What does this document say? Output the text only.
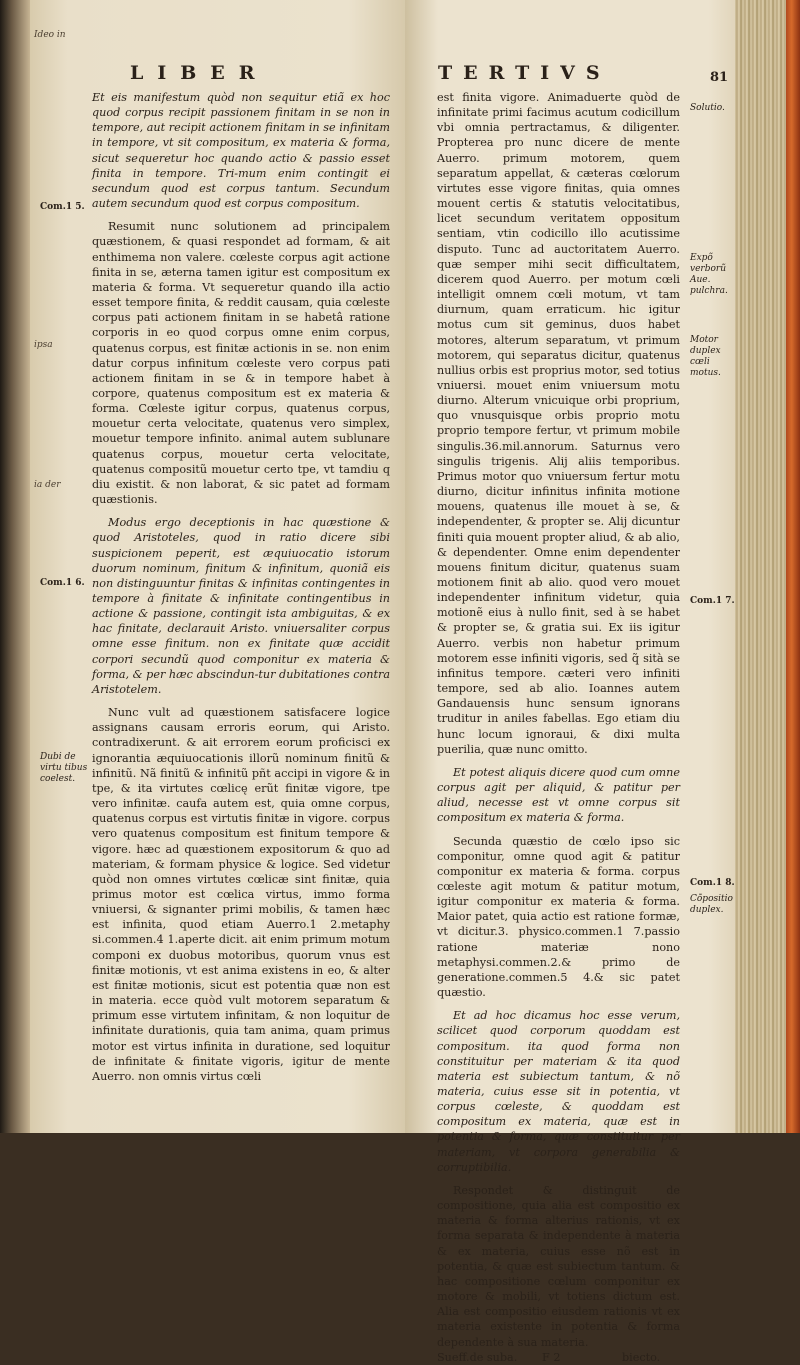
Ideo in
ipsa
ia der
LIBER	TERTIVS	81

Et eis manifestum quòd non sequitur etiã ex hoc quod corpus recipit passionem finitam in se non in tempore, aut recipit actionem finitam in se infinitam in tempore, vt sit compositum, ex materia & forma, sicut sequeretur hoc quando actio & passio esset finita in tempore. Tri-mum enim contingit ei secundum quod est corpus tantum. Secundum autem secundum quod est corpus compositum.

Resumit nunc solutionem ad principalem quæstionem, & quasi respondet ad formam, & ait enthimema non valere. cœleste corpus agit actione finita in se, æterna tamen igitur est compositum ex materia & forma. Vt sequeretur quando illa actio esset tempore finita, & reddit causam, quia cœleste corpus pati actionem finitam in se habetâ ratione corporis in eo quod corpus omne enim corpus, quatenus corpus, est finitæ actionis in se. non enim datur corpus infinitum cœleste vero corpus pati actionem finitam in se & in tempore habet à corpore, quatenus compositum est ex materia & forma. Cœleste igitur corpus, quatenus corpus, mouetur certa velocitate, quatenus vero simplex, mouetur tempore infinito. animal autem sublunare quatenus corpus, mouetur certa velocitate, quatenus compositũ mouetur certo tpe, vt tamdiu q diu existit. & non laborat, & sic patet ad formam quæstionis.

Modus ergo deceptionis in hac quæstione & quod Aristoteles, quod in ratio dicere sibi suspicionem peperit, est æquiuocatio istorum duorum nominum, finitum & infinitum, quoniã eis non distinguuntur finitas & infinitas contingentes in tempore à finitate & infinitate contingentibus in actione & passione, contingit ista ambiguitas, & ex hac finitate, declarauit Aristo. vniuersaliter corpus omne esse finitum. non ex finitate quæ accidit corpori secundũ quod componitur ex materia & forma, & per hæc abscindun-tur dubitationes contra Aristotelem.

Nunc vult ad quæstionem satisfacere logice assignans causam erroris eorum, qui Aristo. contradixerunt. & ait errorem eorum proficisci ex ignorantia æquiuocationis illorũ nominum finitũ & infinitũ. Nã finitũ & infinitũ pñt accipi in vigore & in tpe, & ita virtutes cœlicę erũt finitæ vigore, tpe vero infinitæ. caufa autem est, quia omne corpus, quatenus corpus est virtutis finitæ in vigore. corpus vero quatenus compositum est finitum tempore & vigore. hæc ad quæstionem expositorum & quo ad materiam, & formam physice & logice. Sed videtur quòd non omnes virtutes cœlicæ sint finitæ, quia primus motor est cœlica virtus, immo forma vniuersi, & signanter primi mobilis, & tamen hæc est infinita, quod etiam Auerro.1 2.metaphy si.commen.4 1.aperte dicit. ait enim primum motum componi ex duobus motoribus, quorum vnus est finitæ motionis, vt est anima existens in eo, & alter est finitæ motionis, sicut est potentia quæ non est in materia. ecce quòd vult motorem separatum & primum esse virtutem infinitam, & non loquitur de infinitate durationis, quia tam anima, quam primus motor est virtus infinita in duratione, sed loquitur de infinitate & finitate vigoris, igitur de mente Auerro. non omnis virtus cœli

Com.1 5.
Com.1 6.
Dubi de virtu tibus coelest.

est finita vigore. Animaduerte quòd de infinitate primi facimus acutum codicillum vbi omnia pertractamus, & diligenter. Propterea pro nunc dicere de mente Auerro. primum motorem, quem separatum appellat, & cæteras cœlorum virtutes esse vigore finitas, quia omnes mouent certis & statutis velocitatibus, licet secundum veritatem oppositum sentiam, vtin codicillo illo acutissime disputo. Tunc ad auctoritatem Auerro. quæ semper mihi secit difficultatem, dicerem quod Auerro. per motum cœli intelligit omnem cœli motum, vt tam diurnum, quam erraticum. hic igitur motus cum sit geminus, duos habet motores, alterum separatum, vt primum motorem, qui separatus dicitur, quatenus nullius orbis est proprius motor, sed totius vniuersi. mouet enim vniuersum motu diurno. Alterum vnicuique orbi proprium, quo vnusquisque orbis proprio motu proprio tempore fertur, vt primum mobile singulis.36.mil.annorum. Saturnus vero singulis trigenis. Alij aliis temporibus. Primus motor quo vniuersum fertur motu diurno, dicitur infinitus infinita motione mouens, quatenus ille mouet à se, & independenter, & propter se. Alij dicuntur finiti quia mouent propter aliud, & ab alio, & dependenter. Omne enim dependenter mouens finitum dicitur, quatenus suam motionem finit ab alio. quod vero mouet independenter infinitum videtur, quia motionẽ eius à nullo finit, sed à se habet & propter se, & gratia sui. Ex iis igitur Auerro. verbis non habetur primum motorem esse infiniti vigoris, sed q̃ sità se infinitus tempore. cæteri vero infiniti tempore, sed ab alio. Ioannes autem Gandauensis hunc sensum ignorans truditur in aniles fabellas. Ego etiam diu hunc locum ignoraui, & dixi multa puerilia, quæ nunc omitto.

Et potest aliquis dicere quod cum omne corpus agit per aliquid, & patitur per aliud, necesse est vt omne corpus sit compositum ex materia & forma.

Secunda quæstio de cœlo ipso sic componitur, omne quod agit & patitur componitur ex materia & forma. corpus cœleste agit motum & patitur motum, igitur componitur ex materia & forma. Maior patet, quia actio est ratione formæ, vt dicitur.3. physico.commen.1 7.passio ratione materiæ nono metaphysi.commen.2.& primo de generatione.commen.5 4.& sic patet quæstio.

Et ad hoc dicamus hoc esse verum, scilicet quod corporum quoddam est compositum. ita quod forma non constituitur per materiam & ita quod materia est subiectum tantum, & nõ materia, cuius esse sit in potentia, vt corpus cœleste, & quoddam est compositum ex materia, quæ est in potentia & forma, quæ constituitur per materiam, vt corpora generabilia & corruptibilia.

Respondet & distinguit de compositione, quia alia est compositio ex materia & forma alterius rationis, vt ex forma separata & independente à materia & ex materia, cuius esse nõ est in potentia, & quæ est subiectum tantum. & hac compositione cœlum componitur ex motore & mobili, vt totiens dictum est. Alia est compositio eiusdem rationis vt ex materia existente in potentia & forma dependente à sua materia.

Sueff.de suba. F 2	biecto.

Solutio.
Expõ verborũ Aue. pulchra.
Motor duplex cœli motus.
Com.1 7.
Com.1 8.
Cõpositio duplex.
